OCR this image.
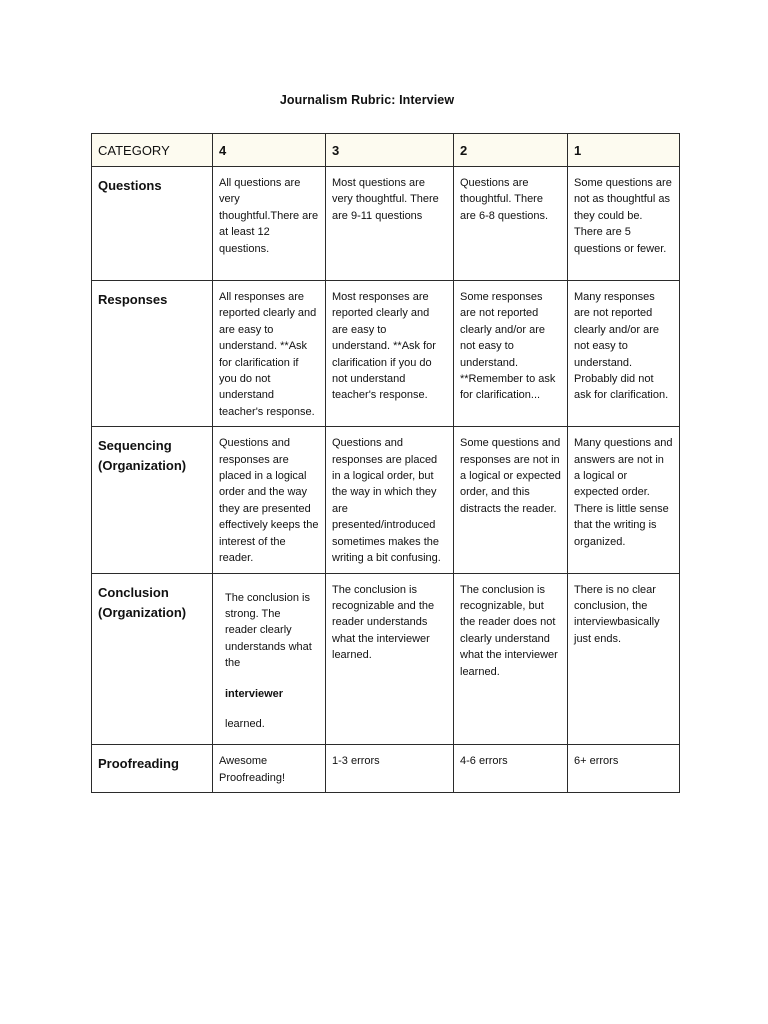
Journalism Rubric: Interview
CATEGORY	4	3	2	1

Questions	All questions are very thoughtful.There are at least 12 questions.	Most questions are very thoughtful. There are 9-11 questions	Questions are thoughtful. There are 6-8 questions.	Some questions are not as thoughtful as they could be. There are 5 questions or fewer.

Responses	All responses are reported clearly and are easy to understand. **Ask for clarification if you do not understand teacher's response.	Most responses are reported clearly and are easy to understand. **Ask for clarification if you do not understand teacher's response.	Some responses are not reported clearly and/or are not easy to understand. **Remember to ask for clarification...	Many responses are not reported clearly and/or are not easy to understand. Probably did not ask for clarification.

Sequencing
(Organization)	Questions and responses are placed in a logical order and the way they are presented effectively keeps the interest of the reader.	Questions and responses are placed in a logical order, but the way in which they are presented/introduced sometimes makes the writing a bit confusing.	Some questions and responses are not in a logical or expected order, and this distracts the reader.	Many questions and answers are not in a logical or expected order. There is little sense that the writing is organized.

Conclusion
(Organization)	The conclusion is strong. The reader clearly understands what the
interviewer
learned.	The conclusion is recognizable and the reader understands what the interviewer learned.	The conclusion is recognizable, but the reader does not clearly understand what the interviewer learned.	There is no clear conclusion, the interviewbasically just ends.

Proofreading	Awesome Proofreading!	1-3 errors	4-6 errors	6+ errors
